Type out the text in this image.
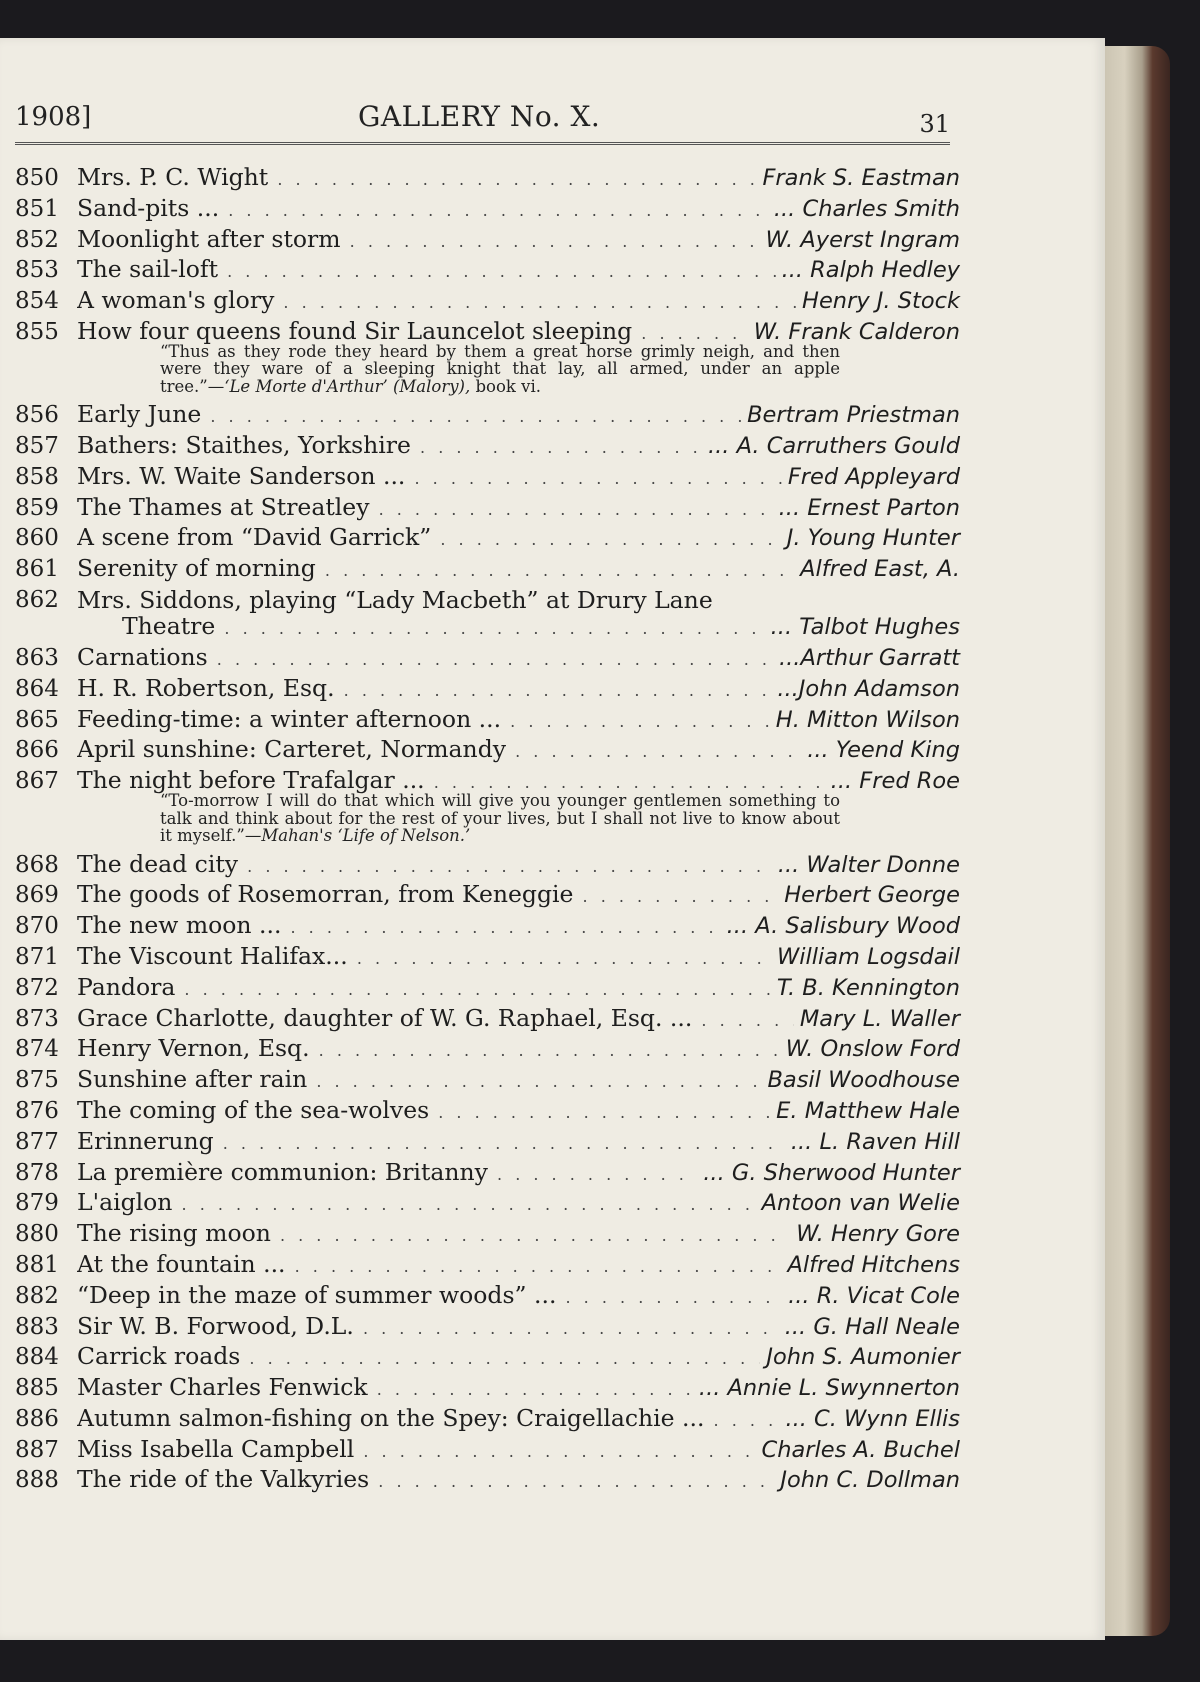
1908]	GALLERY No. X.	31
850 Mrs. P. C. Wight . . .	Frank S. Eastman
851 Sand-pits ... . . .	... Charles Smith
852 Moonlight after storm . . .	W. Ayerst Ingram
853 The sail-loft . . .	... Ralph Hedley
854 A woman's glory . . .	Henry J. Stock
855 How four queens found Sir Launcelot sleeping . . .	W. Frank Calderon
“Thus as they rode they heard by them a great horse grimly neigh, and then were they ware of a sleeping knight that lay, all armed, under an apple tree.”—‘Le Morte d'Arthur’ (Malory), book vi.
856 Early June . . .	Bertram Priestman
857 Bathers: Staithes, Yorkshire . . .	... A. Carruthers Gould
858 Mrs. W. Waite Sanderson ... . . .	Fred Appleyard
859 The Thames at Streatley . . .	... Ernest Parton
860 A scene from “David Garrick” . . .	J. Young Hunter
861 Serenity of morning . . .	Alfred East, A.
862 Mrs. Siddons, playing “Lady Macbeth” at Drury Lane
Theatre . . .	... Talbot Hughes
863 Carnations . . .	...Arthur Garratt
864 H. R. Robertson, Esq. . . .	...John Adamson
865 Feeding-time: a winter afternoon ... . . .	H. Mitton Wilson
866 April sunshine: Carteret, Normandy . . .	... Yeend King
867 The night before Trafalgar ... . . .	... Fred Roe
“To-morrow I will do that which will give you younger gentlemen something to talk and think about for the rest of your lives, but I shall not live to know about it myself.”—Mahan's ‘Life of Nelson.’
868 The dead city . . .	... Walter Donne
869 The goods of Rosemorran, from Keneggie . . .	Herbert George
870 The new moon ... . . .	... A. Salisbury Wood
871 The Viscount Halifax... . . .	William Logsdail
872 Pandora . . .	T. B. Kennington
873 Grace Charlotte, daughter of W. G. Raphael, Esq. ... . . .	Mary L. Waller
874 Henry Vernon, Esq. . . .	W. Onslow Ford
875 Sunshine after rain . . .	Basil Woodhouse
876 The coming of the sea-wolves . . .	E. Matthew Hale
877 Erinnerung . . .	... L. Raven Hill
878 La première communion: Britanny . . .	... G. Sherwood Hunter
879 L'aiglon . . .	Antoon van Welie
880 The rising moon . . .	W. Henry Gore
881 At the fountain ... . . .	Alfred Hitchens
882 “Deep in the maze of summer woods” ... . . .	... R. Vicat Cole
883 Sir W. B. Forwood, D.L. . . .	... G. Hall Neale
884 Carrick roads . . .	John S. Aumonier
885 Master Charles Fenwick . . .	... Annie L. Swynnerton
886 Autumn salmon-fishing on the Spey: Craigellachie ... . . .	... C. Wynn Ellis
887 Miss Isabella Campbell . . .	Charles A. Buchel
888 The ride of the Valkyries . . .	John C. Dollman
